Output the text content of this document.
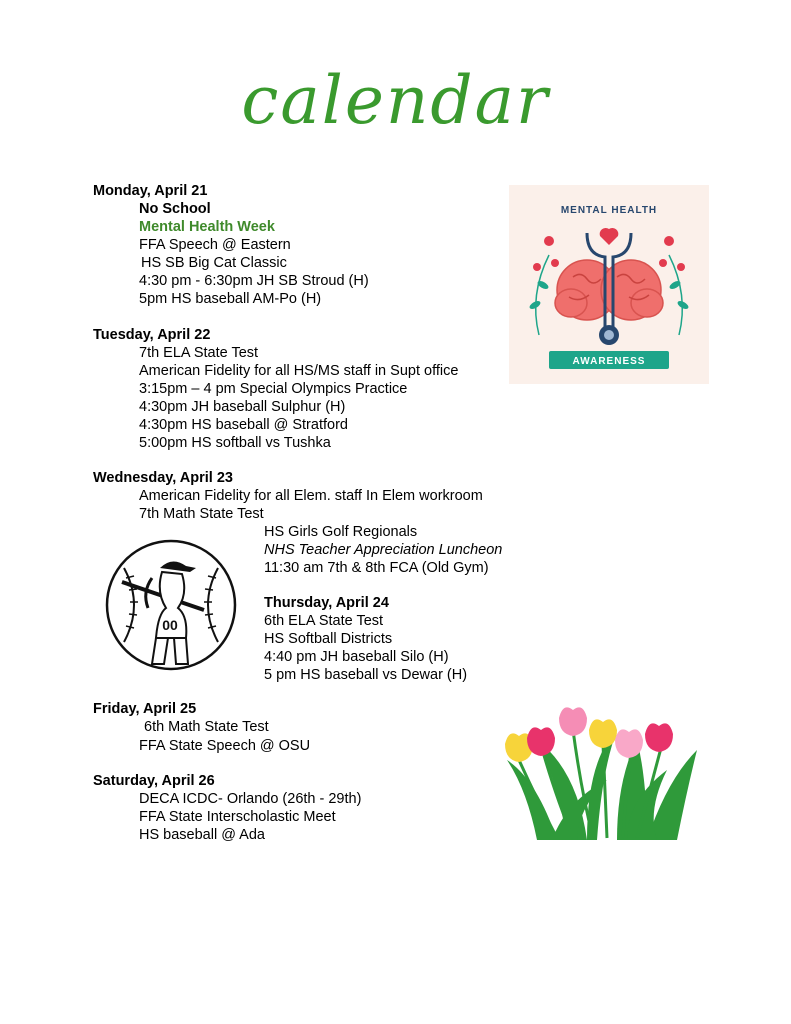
calendar
Monday, April 21
No School
Mental Health Week
FFA Speech @ Eastern
HS SB Big Cat Classic
4:30 pm - 6:30pm JH SB Stroud (H)
5pm HS baseball AM-Po (H)
Tuesday, April 22
7th ELA State Test
American Fidelity for all HS/MS staff in Supt office
3:15pm – 4 pm Special Olympics Practice
4:30pm JH baseball Sulphur (H)
4:30pm HS baseball @ Stratford
5:00pm HS softball vs Tushka
Wednesday, April 23
American Fidelity for all Elem. staff In Elem workroom
7th Math State Test
HS Girls Golf Regionals
NHS Teacher Appreciation Luncheon
11:30 am 7th & 8th FCA (Old Gym)
Thursday, April 24
6th ELA State Test
HS Softball Districts
4:40 pm JH baseball Silo (H)
5 pm HS baseball vs Dewar (H)
Friday, April 25
6th Math State Test
FFA State Speech @ OSU
Saturday, April 26
DECA ICDC- Orlando (26th - 29th)
FFA State Interscholastic Meet
HS baseball @ Ada
MENTAL HEALTH
AWARENESS
00
